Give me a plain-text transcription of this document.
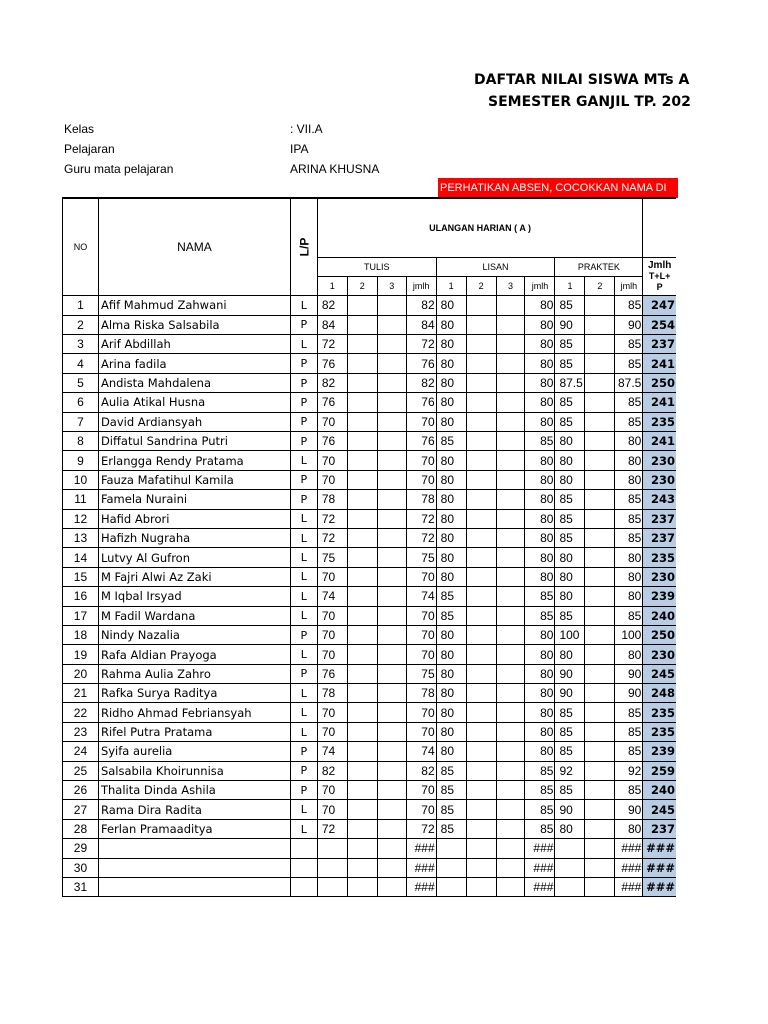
DAFTAR NILAI SISWA MTs A
SEMESTER GANJIL TP. 202
Kelas	: VII.A
Pelajaran	IPA
Guru mata pelajaran	ARINA KHUSNA
PERHATIKAN ABSEN, COCOKKAN NAMA DI
NO	NAMA	L/P	ULANGAN HARIAN ( A )											
			TULIS				LISAN				PRAKTEK			Jmlh
T+L+
P

			1	2	3	jmlh	1	2	3	jmlh	1	2	jmlh	
1	Afif Mahmud Zahwani	L	82			82	80			80	85		85	247
2	Alma Riska Salsabila	P	84			84	80			80	90		90	254
3	Arif Abdillah	L	72			72	80			80	85		85	237
4	Arina fadila	P	76			76	80			80	85		85	241
5	Andista Mahdalena	P	82			82	80			80	87.5		87.5	250
6	Aulia Atikal Husna	P	76			76	80			80	85		85	241
7	David Ardiansyah	P	70			70	80			80	85		85	235
8	Diffatul Sandrina Putri	P	76			76	85			85	80		80	241
9	Erlangga Rendy Pratama	L	70			70	80			80	80		80	230
10	Fauza Mafatihul Kamila	P	70			70	80			80	80		80	230
11	Famela Nuraini	P	78			78	80			80	85		85	243
12	Hafid Abrori	L	72			72	80			80	85		85	237
13	Hafizh Nugraha	L	72			72	80			80	85		85	237
14	Lutvy Al Gufron	L	75			75	80			80	80		80	235
15	M Fajri Alwi Az Zaki	L	70			70	80			80	80		80	230
16	M Iqbal Irsyad	L	74			74	85			85	80		80	239
17	M Fadil Wardana	L	70			70	85			85	85		85	240
18	Nindy Nazalia	P	70			70	80			80	100		100	250
19	Rafa Aldian Prayoga	L	70			70	80			80	80		80	230
20	Rahma Aulia Zahro	P	76			75	80			80	90		90	245
21	Rafka Surya Raditya	L	78			78	80			80	90		90	248
22	Ridho Ahmad Febriansyah	L	70			70	80			80	85		85	235
23	Rifel Putra Pratama	L	70			70	80			80	85		85	235
24	Syifa aurelia	P	74			74	80			80	85		85	239
25	Salsabila Khoirunnisa	P	82			82	85			85	92		92	259
26	Thalita Dinda Ashila	P	70			70	85			85	85		85	240
27	Rama Dira Radita	L	70			70	85			85	90		90	245
28	Ferlan Pramaaditya	L	72			72	85			85	80		80	237
29						###				###			###	###
30						###				###			###	###
31						###				###			###	###
